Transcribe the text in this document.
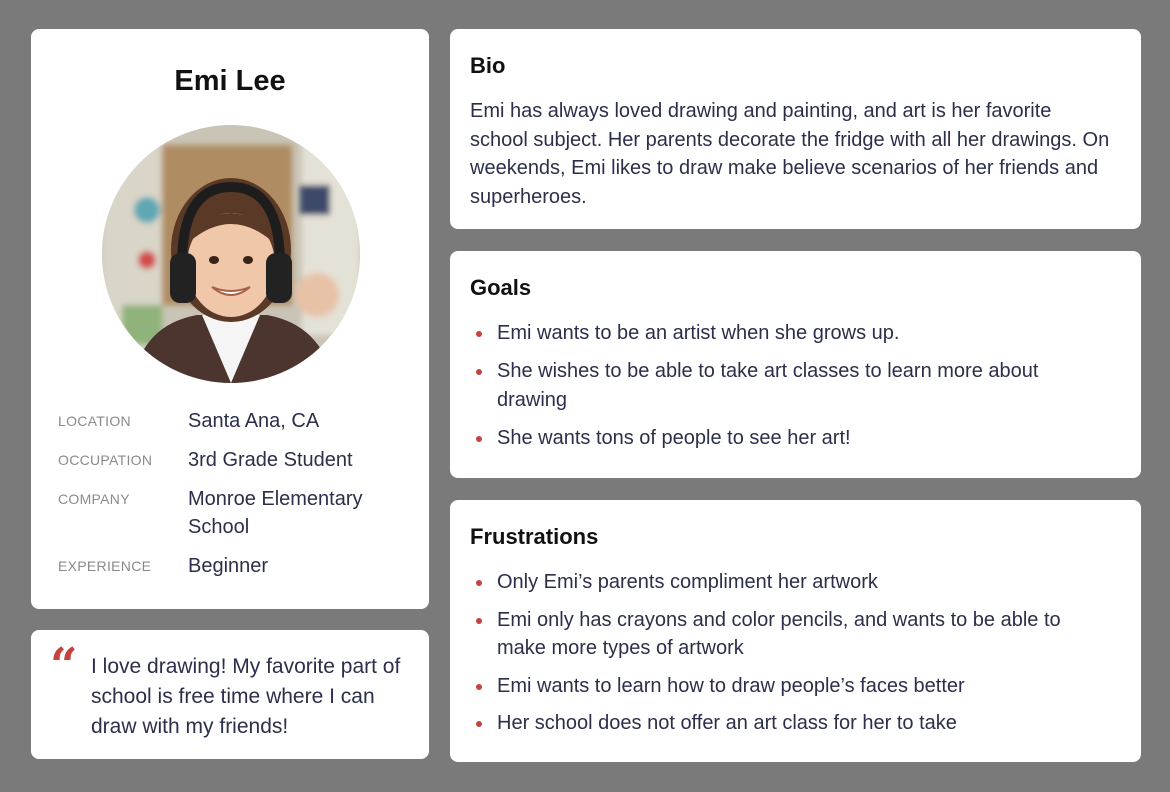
Emi Lee
LOCATION	Santa Ana, CA
OCCUPATION	3rd Grade Student
COMPANY	Monroe Elementary School
EXPERIENCE	Beginner
“ I love drawing! My favorite part of school is free time where I can draw with my friends!
Bio
Emi has always loved drawing and painting, and art is her favorite school subject. Her parents decorate the fridge with all her drawings. On weekends, Emi likes to draw make believe scenarios of her friends and superheroes.
Goals
Emi wants to be an artist when she grows up.
She wishes to be able to take art classes to learn more about drawing
She wants tons of people to see her art!
Frustrations
Only Emi’s parents compliment her artwork
Emi only has crayons and color pencils, and wants to be able to make more types of artwork
Emi wants to learn how to draw people’s faces better
Her school does not offer an art class for her to take
